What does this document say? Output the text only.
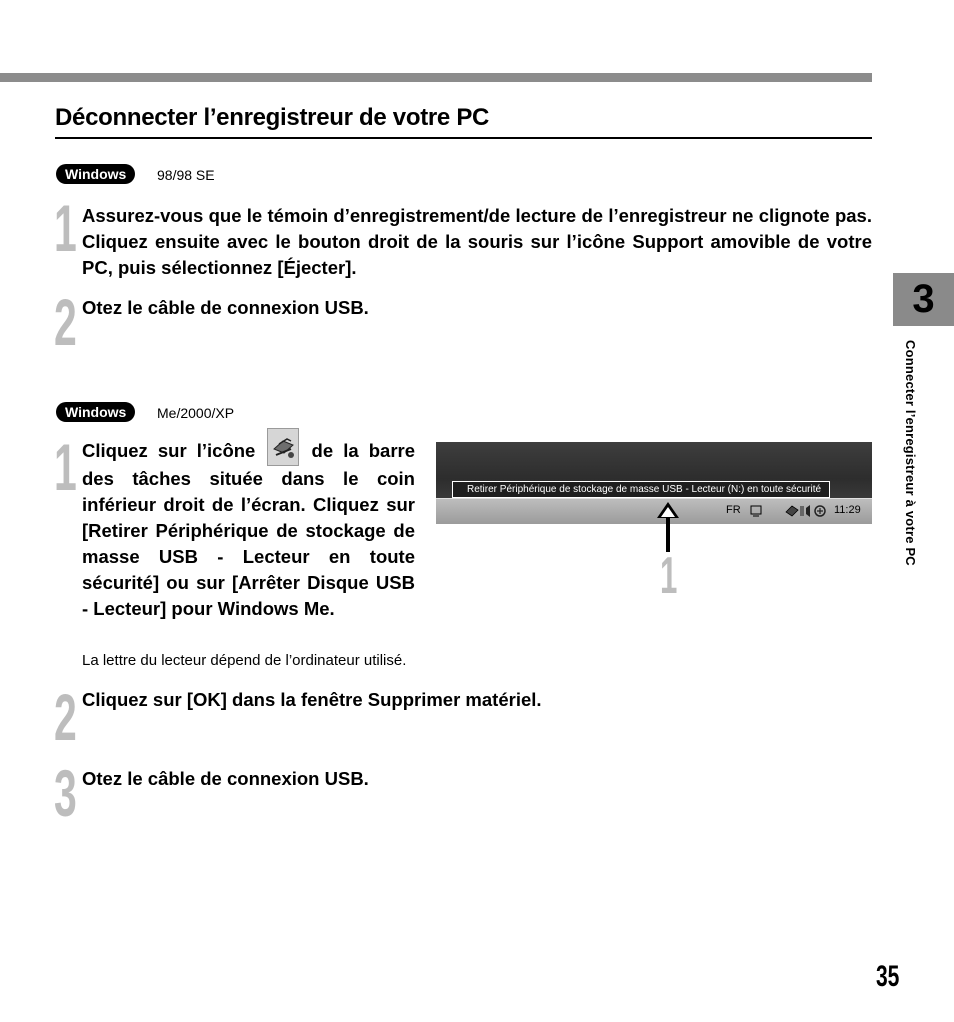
Déconnecter l’enregistreur de votre PC
Windows	98/98 SE
1 Assurez-vous que le témoin d’enregistrement/de lecture de l’enregistreur ne clignote pas. Cliquez ensuite avec le bouton droit de la souris sur l’icône Support amovible de votre PC, puis sélectionnez [Éjecter].
2 Otez le câble de connexion USB.
Windows	Me/2000/XP
1 Cliquez sur l’icône	de la barre des tâches située dans le coin inférieur droit de l’écran. Cliquez sur [Retirer Périphérique de stockage de masse USB - Lecteur en toute sécurité] ou sur [Arrêter Disque USB - Lecteur] pour Windows Me.
La lettre du lecteur dépend de l’ordinateur utilisé.
Retirer Périphérique de stockage de masse USB - Lecteur (N:) en toute sécurité
FR	11:29
1
2 Cliquez sur [OK] dans la fenêtre Supprimer matériel.
3 Otez le câble de connexion USB.
3
Connecter l’enregistreur à votre PC
35
